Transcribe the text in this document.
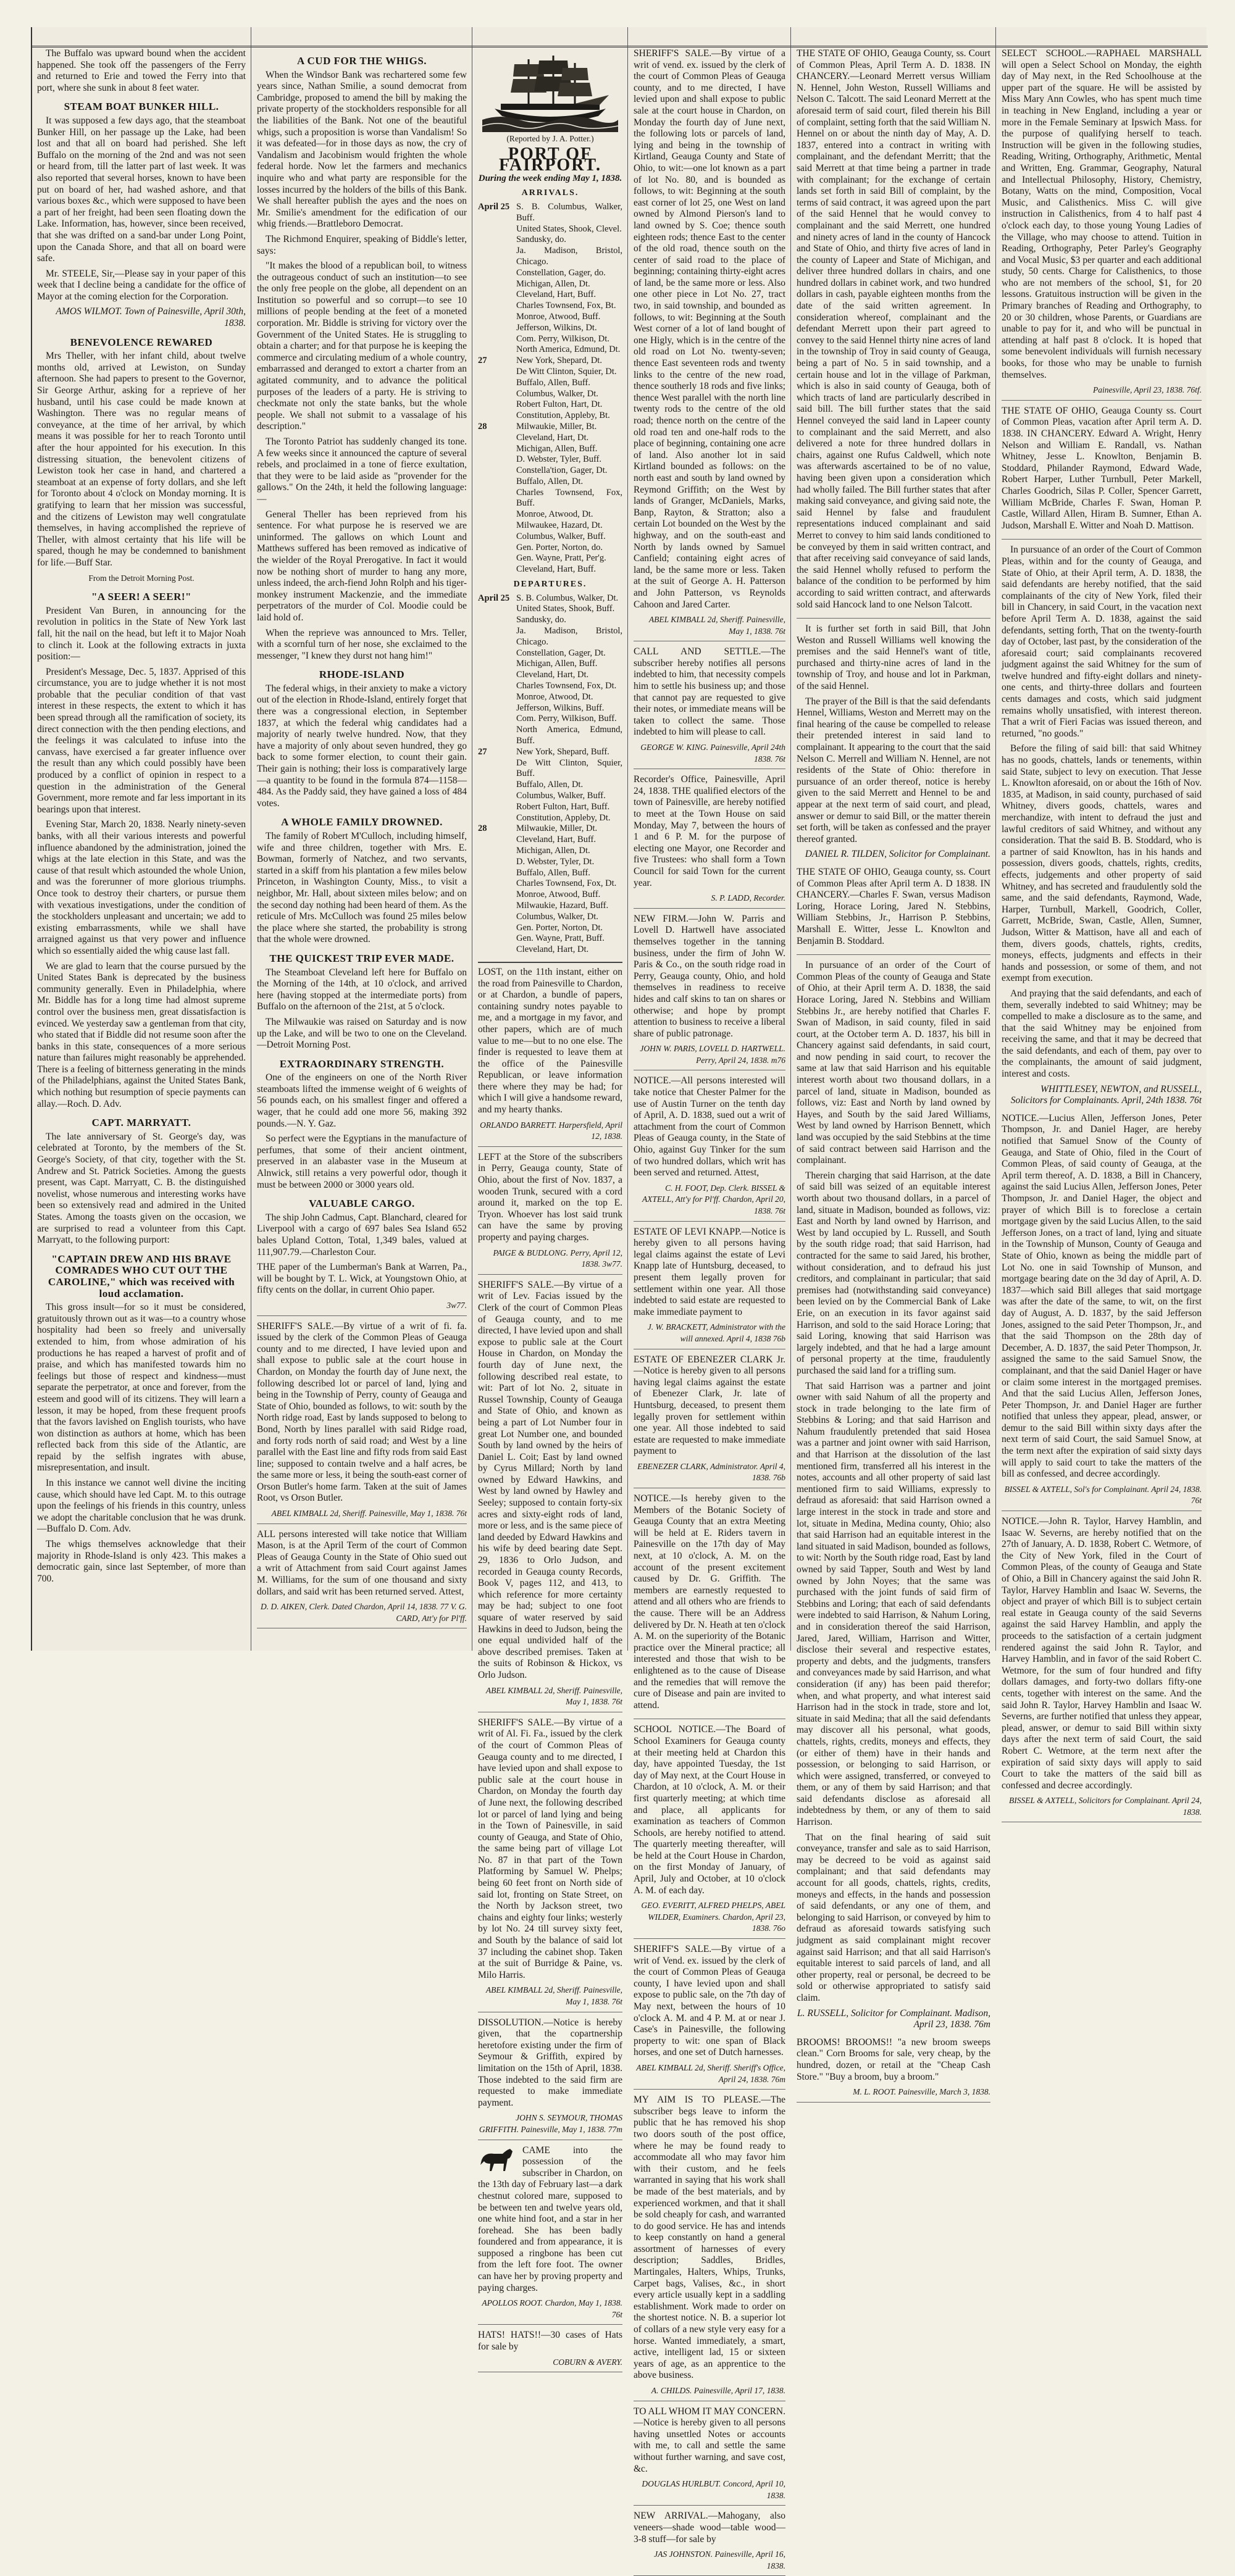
The Buffalo was upward bound when the accident happened. She took off the passengers of the Ferry and returned to Erie and towed the Ferry into that port, where she sunk in about 8 feet water.

STEAM BOAT BUNKER HILL.

It was supposed a few days ago, that the steamboat Bunker Hill, on her passage up the Lake, had been lost and that all on board had perished. She left Buffalo on the morning of the 2nd and was not seen or heard from, till the latter part of last week. It was also reported that several horses, known to have been put on board of her, had washed ashore, and that various boxes &c., which were supposed to have been a part of her freight, had been seen floating down the Lake. Information, has, however, since been received, that she was drifted on a sand-bar under Long Point, upon the Canada Shore, and that all on board were safe.

Mr. STEELE, Sir,—Please say in your paper of this week that I decline being a candidate for the office of Mayor at the coming election for the Corporation.

AMOS WILMOT. Town of Painesville, April 30th, 1838.

BENEVOLENCE REWARED

Mrs Theller, with her infant child, about twelve months old, arrived at Lewiston, on Sunday afternoon. She had papers to present to the Governor, Sir George Arthur, asking for a reprieve of her husband, until his case could be made known at Washington. There was no regular means of conveyance, at the time of her arrival, by which means it was possible for her to reach Toronto until after the hour appointed for his execution. In this distressing situation, the benevolent citizens of Lewiston took her case in hand, and chartered a steamboat at an expense of forty dollars, and she left for Toronto about 4 o'clock on Monday morning. It is gratifying to learn that her mission was successful, and the citizens of Lewiston may well congratulate themselves, in having accomplished the reprieve of Theller, with almost certainty that his life will be spared, though he may be condemned to banishment for life.—Buff Star.

From the Detroit Morning Post.
"A SEER! A SEER!"

President Van Buren, in announcing for the revolution in politics in the State of New York last fall, hit the nail on the head, but left it to Major Noah to clinch it. Look at the following extracts in juxta position:—

President's Message, Dec. 5, 1837. Apprised of this circumstance, you are to judge whether it is not most probable that the peculiar condition of that vast interest in these respects, the extent to which it has been spread through all the ramification of society, its direct connection with the then pending elections, and the feelings it was calculated to infuse into the canvass, have exercised a far greater influence over the result than any which could possibly have been produced by a conflict of opinion in respect to a question in the administration of the General Government, more remote and far less important in its bearings upon that interest.

Evening Star, March 20, 1838. Nearly ninety-seven banks, with all their various interests and powerful influence abandoned by the administration, joined the whigs at the late election in this State, and was the cause of that result which astounded the whole Union, and was the forerunner of more glorious triumphs. Once took to destroy their charters, or pursue them with vexatious investigations, under the condition of the stockholders unpleasant and uncertain; we add to existing embarrassments, while we shall have arraigned against us that very power and influence which so essentially aided the whig cause last fall.

We are glad to learn that the course pursued by the United States Bank is deprecated by the business community generally. Even in Philadelphia, where Mr. Biddle has for a long time had almost supreme control over the business men, great dissatisfaction is evinced. We yesterday saw a gentleman from that city, who stated that if Biddle did not resume soon after the banks in this state, consequences of a more serious nature than failures might reasonably be apprehended. There is a feeling of bitterness generating in the minds of the Philadelphians, against the United States Bank, which nothing but resumption of specie payments can allay.—Roch. D. Adv.

CAPT. MARRYATT.

The late anniversary of St. George's day, was celebrated at Toronto, by the members of the St. George's Society, of that city, together with the St. Andrew and St. Patrick Societies. Among the guests present, was Capt. Marryatt, C. B. the distinguished novelist, whose numerous and interesting works have been so extensively read and admired in the United States. Among the toasts given on the occasion, we are surprised to read a volunteer from this Capt. Marryatt, to the following purport:

"CAPTAIN DREW AND HIS BRAVE COMRADES WHO CUT OUT THE CAROLINE," which was received with loud acclamation.

This gross insult—for so it must be considered, gratuitously thrown out as it was—to a country whose hospitality had been so freely and universally extended to him, from whose admiration of his productions he has reaped a harvest of profit and of praise, and which has manifested towards him no feelings but those of respect and kindness—must separate the perpetrator, at once and forever, from the esteem and good will of its citizens. They will learn a lesson, it may be hoped, from these frequent proofs that the favors lavished on English tourists, who have won distinction as authors at home, which has been reflected back from this side of the Atlantic, are repaid by the selfish ingrates with abuse, misrepresentation, and insult.

In this instance we cannot well divine the inciting cause, which should have led Capt. M. to this outrage upon the feelings of his friends in this country, unless we adopt the charitable conclusion that he was drunk.—Buffalo D. Com. Adv.

The whigs themselves acknowledge that their majority in Rhode-Island is only 423. This makes a democratic gain, since last September, of more than 700.

A CUD FOR THE WHIGS.

When the Windsor Bank was rechartered some few years since, Nathan Smilie, a sound democrat from Cambridge, proposed to amend the bill by making the private property of the stockholders responsible for all the liabilities of the Bank. Not one of the beautiful whigs, such a proposition is worse than Vandalism! So it was defeated—for in those days as now, the cry of Vandalism and Jacobinism would frighten the whole federal horde. Now let the farmers and mechanics inquire who and what party are responsible for the losses incurred by the holders of the bills of this Bank. We shall hereafter publish the ayes and the noes on Mr. Smilie's amendment for the edification of our whig friends.—Brattleboro Democrat.

The Richmond Enquirer, speaking of Biddle's letter, says:

"It makes the blood of a republican boil, to witness the outrageous conduct of such an institution—to see the only free people on the globe, all dependent on an Institution so powerful and so corrupt—to see 10 millions of people bending at the feet of a moneted corporation. Mr. Biddle is striving for victory over the Government of the United States. He is struggling to obtain a charter; and for that purpose he is keeping the commerce and circulating medium of a whole country, embarrassed and deranged to extort a charter from an agitated community, and to advance the political purposes of the leaders of a party. He is striving to checkmate not only the state banks, but the whole people. We shall not submit to a vassalage of his description."

The Toronto Patriot has suddenly changed its tone. A few weeks since it announced the capture of several rebels, and proclaimed in a tone of fierce exultation, that they were to be laid aside as "provender for the gallows." On the 24th, it held the following language:—

General Theller has been reprieved from his sentence. For what purpose he is reserved we are uninformed. The gallows on which Lount and Matthews suffered has been removed as indicative of the wielder of the Royal Prerogative. In fact it would now be nothing short of murder to hang any more, unless indeed, the arch-fiend John Rolph and his tiger-monkey instrument Mackenzie, and the immediate perpetrators of the murder of Col. Moodie could be laid hold of.

When the reprieve was announced to Mrs. Teller, with a scornful turn of her nose, she exclaimed to the messenger, "I knew they durst not hang him!"

RHODE-ISLAND

The federal whigs, in their anxiety to make a victory out of the election in Rhode-Island, entirely forget that there was a congressional election, in September 1837, at which the federal whig candidates had a majority of nearly twelve hundred. Now, that they have a majority of only about seven hundred, they go back to some former election, to count their gain. Their gain is nothing; their loss is comparatively large—a quantity to be found in the formula 874—1158—484. As the Paddy said, they have gained a loss of 484 votes.

A WHOLE FAMILY DROWNED.

The family of Robert M'Culloch, including himself, wife and three children, together with Mrs. E. Bowman, formerly of Natchez, and two servants, started in a skiff from his plantation a few miles below Princeton, in Washington County, Miss., to visit a neighbor, Mr. Hall, about sixteen miles below; and on the second day nothing had been heard of them. As the reticule of Mrs. McCulloch was found 25 miles below the place where she started, the probability is strong that the whole were drowned.

THE QUICKEST TRIP EVER MADE.

The Steamboat Cleveland left here for Buffalo on the Morning of the 14th, at 10 o'clock, and arrived here (having stopped at the intermediate ports) from Buffalo on the afternoon of the 21st, at 5 o'clock.

The Milwaukie was raised on Saturday and is now up the Lake, and will be two to one on the Cleveland.—Detroit Morning Post.

EXTRAORDINARY STRENGTH.

One of the engineers on one of the North River steamboats lifted the immense weight of 6 weights of 56 pounds each, on his smallest finger and offered a wager, that he could add one more 56, making 392 pounds.—N. Y. Gaz.

So perfect were the Egyptians in the manufacture of perfumes, that some of their ancient ointment, preserved in an alabaster vase in the Museum at Alnwick, still retains a very powerful odor, though it must be between 2000 or 3000 years old.

VALUABLE CARGO.

The ship John Cadmus, Capt. Blanchard, cleared for Liverpool with a cargo of 697 bales Sea Island 652 bales Upland Cotton, Total, 1,349 bales, valued at 111,907.79.—Charleston Cour.

THE paper of the Lumberman's Bank at Warren, Pa., will be bought by T. L. Wick, at Youngstown Ohio, at fifty cents on the dollar, in current Ohio paper.

3w77.

SHERIFF'S SALE.—By virtue of a writ of fi. fa. issued by the clerk of the Common Pleas of Geauga county and to me directed, I have levied upon and shall expose to public sale at the court house in Chardon, on Monday the fourth day of June next, the following described lot or parcel of land, lying and being in the Township of Perry, county of Geauga and State of Ohio, bounded as follows, to wit: south by the North ridge road, East by lands supposed to belong to Bond, North by lines parallel with said Ridge road, and forty rods north of said road; and West by a line parallel with the East line and fifty rods from said East line; supposed to contain twelve and a half acres, be the same more or less, it being the south-east corner of Orson Butler's home farm. Taken at the suit of James Root, vs Orson Butler.

ABEL KIMBALL 2d, Sheriff. Painesville, May 1, 1838. 76t

ALL persons interested will take notice that William Mason, is at the April Term of the court of Common Pleas of Geauga County in the State of Ohio sued out a writ of Attachment from said Court against James M. Williams, for the sum of one thousand and sixty dollars, and said writ has been returned served. Attest,

D. D. AIKEN, Clerk. Dated Chardon, April 14, 1838. 77 V. G. CARD, Att'y for Pl'ff.
(Reported by J. A. Potter.)
PORT OF FAIRPORT.
During the week ending May 1, 1838.
ARRIVALS.
April 25 S. B. Columbus, Walker, Buff.
United States, Shook, Clevel.
Sandusky, do.
Ja. Madison, Bristol, Chicago.
Constellation, Gager, do.
Michigan, Allen, Dt.
Cleveland, Hart, Buff.
Charles Townsend, Fox, Bt.
Monroe, Atwood, Buff.
Jefferson, Wilkins, Dt.
Com. Perry, Wilkison, Dt.
North America, Edmund, Dt.
27	New York, Shepard, Dt.
De Witt Clinton, Squier, Dt.
Buffalo, Allen, Buff.
Columbus, Walker, Dt.
Robert Fulton, Hart, Dt.
Constitution, Appleby, Bt.
28	Milwaukie, Miller, Bt.
Cleveland, Hart, Dt.
Michigan, Allen, Buff.
D. Webster, Tyler, Buff.
Constella'tion, Gager, Dt.
Buffalo, Allen, Dt.
Charles Townsend, Fox, Buff.
Monroe, Atwood, Dt.
Milwaukee, Hazard, Dt.
Columbus, Walker, Buff.
Gen. Porter, Norton, do.
Gen. Wayne, Pratt, Per'g.
Cleveland, Hart, Buff.
DEPARTURES.
April 25 S. B. Columbus, Walker, Dt.
United States, Shook, Buff.
Sandusky, do.
Ja. Madison, Bristol, Chicago.
Constellation, Gager, Dt.
Michigan, Allen, Buff.
Cleveland, Hart, Dt.
Charles Townsend, Fox, Dt.
Monroe, Atwood, Dt.
Jefferson, Wilkins, Buff.
Com. Perry, Wilkison, Buff.
North America, Edmund, Buff.
27	New York, Shepard, Buff.
De Witt Clinton, Squier, Buff.
Buffalo, Allen, Dt.
Columbus, Walker, Buff.
Robert Fulton, Hart, Buff.
Constitution, Appleby, Dt.
28	Milwaukie, Miller, Dt.
Cleveland, Hart, Buff.
Michigan, Allen, Dt.
D. Webster, Tyler, Dt.
Buffalo, Allen, Buff.
Charles Townsend, Fox, Dt.
Monroe, Atwood, Buff.
Milwaukie, Hazard, Buff.
Columbus, Walker, Dt.
Gen. Porter, Norton, Dt.
Gen. Wayne, Pratt, Buff.
Cleveland, Hart, Dt.

LOST, on the 11th instant, either on the road from Painesville to Chardon, or at Chardon, a bundle of papers, containing sundry notes payable to me, and a mortgage in my favor, and other papers, which are of much value to me—but to no one else. The finder is requested to leave them at the office of the Painesville Republican, or leave information there where they may be had; for which I will give a handsome reward, and my hearty thanks.

ORLANDO BARRETT. Harpersfield, April 12, 1838.

LEFT at the Store of the subscribers in Perry, Geauga county, State of Ohio, about the first of Nov. 1837, a wooden Trunk, secured with a cord around it, marked on the top E. Tryon. Whoever has lost said trunk can have the same by proving property and paying charges.

PAIGE & BUDLONG. Perry, April 12, 1838. 3w77.

SHERIFF'S SALE.—By virtue of a writ of Lev. Facias issued by the Clerk of the court of Common Pleas of Geauga county, and to me directed, I have levied upon and shall expose to public sale at the Court House in Chardon, on Monday the fourth day of June next, the following described real estate, to wit: Part of lot No. 2, situate in Russel Township, County of Geauga and State of Ohio, and known as being a part of Lot Number four in great Lot Number one, and bounded South by land owned by the heirs of Daniel L. Coit; East by land owned by Cyrus Millard; North by land owned by Edward Hawkins, and West by land owned by Hawley and Seeley; supposed to contain forty-six acres and sixty-eight rods of land, more or less, and is the same piece of land deeded by Edward Hawkins and his wife by deed bearing date Sept. 29, 1836 to Orlo Judson, and recorded in Geauga county Records, Book V, pages 112, and 413, to which reference for more certainty may be had; subject to one foot square of water reserved by said Hawkins in deed to Judson, being the one equal undivided half of the above described premises. Taken at the suits of Robinson & Hickox, vs Orlo Judson.

ABEL KIMBALL 2d, Sheriff. Painesville, May 1, 1838. 76t

SHERIFF'S SALE.—By virtue of a writ of Al. Fi. Fa., issued by the clerk of the court of Common Pleas of Geauga county and to me directed, I have levied upon and shall expose to public sale at the court house in Chardon, on Monday the fourth day of June next, the following described lot or parcel of land lying and being in the Town of Painesville, in said county of Geauga, and State of Ohio, the same being part of village Lot No. 87 in that part of the Town Platforming by Samuel W. Phelps; being 60 feet front on North side of said lot, fronting on State Street, on the North by Jackson street, two chains and eighty four links; westerly by lot No. 24 till survey sixty feet, and South by the balance of said lot 37 including the cabinet shop. Taken at the suit of Burridge & Paine, vs. Milo Harris.

ABEL KIMBALL 2d, Sheriff. Painesville, May 1, 1838. 76t

DISSOLUTION.—Notice is hereby given, that the copartnership heretofore existing under the firm of Seymour & Griffith, expired by limitation on the 15th of April, 1838. Those indebted to the said firm are requested to make immediate payment.

JOHN S. SEYMOUR, THOMAS GRIFFITH. Painesville, May 1, 1838. 77m

CAME into the possession of the subscriber in Chardon, on the 13th day of February last—a dark chestnut colored mare, supposed to be between ten and twelve years old, one white hind foot, and a star in her forehead. She has been badly foundered and from appearance, it is supposed a ringbone has been cut from the left fore foot. The owner can have her by proving property and paying charges.

APOLLOS ROOT. Chardon, May 1, 1838. 76t

HATS! HATS!!—30 cases of Hats for sale by

COBURN & AVERY.

SHERIFF'S SALE.—By virtue of a writ of vend. ex. issued by the clerk of the court of Common Pleas of Geauga county, and to me directed, I have levied upon and shall expose to public sale at the court house in Chardon, on Monday the fourth day of June next, the following lots or parcels of land, lying and being in the township of Kirtland, Geauga County and State of Ohio, to wit:—one lot known as a part of lot No. 80, and is bounded as follows, to wit: Beginning at the south east corner of lot 25, one West on land owned by Almond Pierson's land to land owned by S. Coe; thence south eighteen rods; thence East to the center of the old road, thence south on the center of said road to the place of beginning; containing thirty-eight acres of land, be the same more or less. Also one other piece in Lot No. 27, tract two, in said township, and bounded as follows, to wit: Beginning at the South West corner of a lot of land bought of one Higly, which is in the centre of the old road on Lot No. twenty-seven; thence East seventeen rods and twenty links to the centre of the new road, thence southerly 18 rods and five links; thence West parallel with the north line twenty rods to the centre of the old road; thence north on the centre of the old road ten and one-half rods to the place of beginning, containing one acre of land. Also another lot in said Kirtland bounded as follows: on the north east and south by land owned by Reymond Griffith; on the West by lands of Granger, McDaniels, Marks, Banp, Rayton, & Stratton; also a certain Lot bounded on the West by the highway, and on the south-east and North by lands owned by Samuel Canfield; containing eight acres of land, be the same more or less. Taken at the suit of George A. H. Patterson and John Patterson, vs Reynolds Cahoon and Jared Carter.

ABEL KIMBALL 2d, Sheriff. Painesville, May 1, 1838. 76t

CALL AND SETTLE.—The subscriber hereby notifies all persons indebted to him, that necessity compels him to settle his business up; and those that cannot pay are requested to give their notes, or immediate means will be taken to collect the same. Those indebted to him will please to call.

GEORGE W. KING. Painesville, April 24th 1838. 76t

Recorder's Office, Painesville, April 24, 1838. THE qualified electors of the town of Painesville, are hereby notified to meet at the Town House on said Monday, May 7, between the hours of 1 and 6 P. M. for the purpose of electing one Mayor, one Recorder and five Trustees: who shall form a Town Council for said Town for the current year.

S. P. LADD, Recorder.

NEW FIRM.—John W. Parris and Lovell D. Hartwell have associated themselves together in the tanning business, under the firm of John W. Paris & Co., on the south ridge road in Perry, Geauga county, Ohio, and hold themselves in readiness to receive hides and calf skins to tan on shares or otherwise; and hope by prompt attention to business to receive a liberal share of public patronage.

JOHN W. PARIS, LOVELL D. HARTWELL. Perry, April 24, 1838. m76

NOTICE.—All persons interested will take notice that Chester Palmer for the use of Austin Turner on the tenth day of April, A. D. 1838, sued out a writ of attachment from the court of Common Pleas of Geauga county, in the State of Ohio, against Guy Tinker for the sum of two hundred dollars, which writ has been served and returned. Attest,

C. H. FOOT, Dep. Clerk. BISSEL & AXTELL, Att'y for Pl'ff. Chardon, April 20, 1838. 76t

ESTATE OF LEVI KNAPP.—Notice is hereby given to all persons having legal claims against the estate of Levi Knapp late of Huntsburg, deceased, to present them legally proven for settlement within one year. All those indebted to said estate are requested to make immediate payment to

J. W. BRACKETT, Administrator with the will annexed. April 4, 1838 76b

ESTATE OF EBENEZER CLARK Jr.—Notice is hereby given to all persons having legal claims against the estate of Ebenezer Clark, Jr. late of Huntsburg, deceased, to present them legally proven for settlement within one year. All those indebted to said estate are requested to make immediate payment to

EBENEZER CLARK, Administrator. April 4, 1838. 76b

NOTICE.—Is hereby given to the Members of the Botanic Society of Geauga County that an extra Meeting will be held at E. Riders tavern in Painesville on the 17th day of May next, at 10 o'clock, A. M. on the account of the present excitement caused by Dr. G. Griffith. The members are earnestly requested to attend and all others who are friends to the cause. There will be an Address delivered by Dr. N. Heath at ten o'clock A. M. on the superiority of the Botanic practice over the Mineral practice; all interested and those that wish to be enlightened as to the cause of Disease and the remedies that will remove the cure of Disease and pain are invited to attend.

SCHOOL NOTICE.—The Board of School Examiners for Geauga county at their meeting held at Chardon this day, have appointed Tuesday, the 1st day of May next, at the Court House in Chardon, at 10 o'clock, A. M. or their first quarterly meeting; at which time and place, all applicants for examination as teachers of Common Schools, are hereby notified to attend. The quarterly meeting thereafter, will be held at the Court House in Chardon, on the first Monday of January, of April, July and October, at 10 o'clock A. M. of each day.

GEO. EVERITT, ALFRED PHELPS, ABEL WILDER, Examiners. Chardon, April 23, 1838. 76o

SHERIFF'S SALE.—By virtue of a writ of Vend. ex. issued by the clerk of the court of Common Pleas of Geauga county, I have levied upon and shall expose to public sale, on the 7th day of May next, between the hours of 10 o'clock A. M. and 4 P. M. at or near J. Case's in Painesville, the following property to wit: one span of Black horses, and one set of Dutch harnesses.

ABEL KIMBALL 2d, Sheriff. Sheriff's Office, April 24, 1838. 76m

MY AIM IS TO PLEASE.—The subscriber begs leave to inform the public that he has removed his shop two doors south of the post office, where he may be found ready to accommodate all who may favor him with their custom, and he feels warranted in saying that his work shall be made of the best materials, and by experienced workmen, and that it shall be sold cheaply for cash, and warranted to do good service. He has and intends to keep constantly on hand a general assortment of harnesses of every description; Saddles, Bridles, Martingales, Halters, Whips, Trunks, Carpet bags, Valises, &c., in short every article usually kept in a saddling establishment. Work made to order on the shortest notice. N. B. a superior lot of collars of a new style very easy for a horse. Wanted immediately, a smart, active, intelligent lad, 15 or sixteen years of age, as an apprentice to the above business.

A. CHILDS. Painesville, April 17, 1838.

TO ALL WHOM IT MAY CONCERN.—Notice is hereby given to all persons having unsettled Notes or accounts with me, to call and settle the same without further warning, and save cost, &c.

DOUGLAS HURLBUT. Concord, April 10, 1838.

NEW ARRIVAL.—Mahogany, also veneers—shade wood—table wood—3-8 stuff—for sale by

JAS JOHNSTON. Painesville, April 16, 1838.

THE STATE OF OHIO, Geauga County, ss. Court of Common Pleas, April Term A. D. 1838. IN CHANCERY.—Leonard Merrett versus William N. Hennel, John Weston, Russell Williams and Nelson C. Talcott. The said Leonard Merrett at the aforesaid term of said court, filed therein his Bill of complaint, setting forth that the said William N. Hennel on or about the ninth day of May, A. D. 1837, entered into a contract in writing with complainant, and the defendant Merritt; that the said Merrett at that time being a partner in trade with complainant; for the exchange of certain lands set forth in said Bill of complaint, by the terms of said contract, it was agreed upon the part of the said Hennel that he would convey to complainant and the said Merrett, one hundred and ninety acres of land in the county of Hancock and State of Ohio, and thirty five acres of land in the county of Lapeer and State of Michigan, and deliver three hundred dollars in chairs, and one hundred dollars in cabinet work, and two hundred dollars in cash, payable eighteen months from the date of the said written agreement. In consideration whereof, complainant and the defendant Merrett upon their part agreed to convey to the said Hennel thirty nine acres of land in the township of Troy in said county of Geauga, being a part of No. 5 in said township, and a certain house and lot in the village of Parkman, which is also in said county of Geauga, both of which tracts of land are particularly described in said bill. The bill further states that the said Hennel conveyed the said land in Lapeer county to complainant and the said Merrett, and also delivered a note for three hundred dollars in chairs, against one Rufus Caldwell, which note was afterwards ascertained to be of no value, having been given upon a consideration which had wholly failed. The Bill further states that after making said conveyance, and giving said note, the said Hennel by false and fraudulent representations induced complainant and said Merret to convey to him said lands conditioned to be conveyed by them in said written contract, and that after receiving said conveyance of said lands, the said Hennel wholly refused to perform the balance of the condition to be performed by him according to said written contract, and afterwards sold said Hancock land to one Nelson Talcott.

It is further set forth in said Bill, that John Weston and Russell Williams well knowing the premises and the said Hennel's want of title, purchased and thirty-nine acres of land in the township of Troy, and house and lot in Parkman, of the said Hennel.

The prayer of the Bill is that the said defendants Hennel, Williams, Weston and Merrett may on the final hearing of the cause be compelled to release their pretended interest in said land to complainant. It appearing to the court that the said Nelson C. Merrell and William N. Hennel, are not residents of the State of Ohio: therefore in pursuance of an order thereof, notice is hereby given to the said Merrett and Hennel to be and appear at the next term of said court, and plead, answer or demur to said Bill, or the matter therein set forth, will be taken as confessed and the prayer thereof granted.

DANIEL R. TILDEN, Solicitor for Complainant.

THE STATE OF OHIO, Geauga county, ss. Court of Common Pleas after April term A. D 1838. IN CHANCERY.—Charles F. Swan, versus Madison Loring, Horace Loring, Jared N. Stebbins, William Stebbins, Jr., Harrison P. Stebbins, Marshall E. Witter, Jesse L. Knowlton and Benjamin B. Stoddard.

In pursuance of an order of the Court of Common Pleas of the county of Geauga and State of Ohio, at their April term A. D. 1838, the said Horace Loring, Jared N. Stebbins and William Stebbins Jr., are hereby notified that Charles F. Swan of Madison, in said county, filed in said court, at the October term A. D. 1837, his bill in Chancery against said defendants, in said court, and now pending in said court, to recover the same at law that said Harrison and his equitable interest worth about two thousand dollars, in a parcel of land, situate in Madison, bounded as follows, viz: East and North by land owned by Hayes, and South by the said Jared Williams, West by land owned by Harrison Bennett, which land was occupied by the said Stebbins at the time of said contract between said Harrison and the complainant.

Therein charging that said Harrison, at the date of said bill was seized of an equitable interest worth about two thousand dollars, in a parcel of land, situate in Madison, bounded as follows, viz: East and North by land owned by Harrison, and West by land occupied by L. Russell, and South by the south ridge road; that said Harrison, had contracted for the same to said Jared, his brother, without consideration, and to defraud his just creditors, and complainant in particular; that said premises had (notwithstanding said conveyance) been levied on by the Commercial Bank of Lake Erie, on an execution in its favor against said Harrison, and sold to the said Horace Loring; that said Loring, knowing that said Harrison was largely indebted, and that he had a large amount of personal property at the time, fraudulently purchased the said land for a trifling sum.

That said Harrison was a partner and joint owner with said Nahum of all the property and stock in trade belonging to the late firm of Stebbins & Loring; and that said Harrison and Nahum fraudulently pretended that said Hosea was a partner and joint owner with said Harrison, and that Harrison at the dissolution of the last mentioned firm, transferred all his interest in the notes, accounts and all other property of said last mentioned firm to said Williams, expressly to defraud as aforesaid: that said Harrison owned a large interest in the stock in trade and store and lot, situate in Medina, Medina county, Ohio; also that said Harrison had an equitable interest in the land situated in said Madison, bounded as follows, to wit: North by the South ridge road, East by land owned by said Tapper, South and West by land owned by John Noyes; that the same was purchased with the joint funds of said firm of Stebbins and Loring; that each of said defendants were indebted to said Harrison, & Nahum Loring, and in consideration thereof the said Harrison, Jared, Jared, William, Harrison and Witter, disclose their several and respective estates, property and debts, and the judgments, transfers and conveyances made by said Harrison, and what consideration (if any) has been paid therefor; when, and what property, and what interest said Harrison had in the stock in trade, store and lot, situate in said Medina; that all the said defendants may discover all his personal, what goods, chattels, rights, credits, moneys and effects, they (or either of them) have in their hands and possession, or belonging to said Harrison, or which were assigned, transferred, or conveyed to them, or any of them by said Harrison; and that said defendants disclose as aforesaid all indebtedness by them, or any of them to said Harrison.

That on the final hearing of said suit conveyance, transfer and sale as to said Harrison, may be decreed to be void as against said complainant; and that said defendants may account for all goods, chattels, rights, credits, moneys and effects, in the hands and possession of said defendants, or any one of them, and belonging to said Harrison, or conveyed by him to defraud as aforesaid towards satisfying such judgment as said complainant might recover against said Harrison; and that all said Harrison's equitable interest to said parcels of land, and all other property, real or personal, be decreed to be sold or otherwise appropriated to satisfy said claim.

L. RUSSELL, Solicitor for Complainant. Madison, April 23, 1838. 76m

BROOMS! BROOMS!! "a new broom sweeps clean." Corn Brooms for sale, very cheap, by the hundred, dozen, or retail at the "Cheap Cash Store." "Buy a broom, buy a broom."

M. L. ROOT. Painesville, March 3, 1838.

SELECT SCHOOL.—RAPHAEL MARSHALL will open a Select School on Monday, the eighth day of May next, in the Red Schoolhouse at the upper part of the square. He will be assisted by Miss Mary Ann Cowles, who has spent much time in teaching in New England, including a year or more in the Female Seminary at Ipswich Mass. for the purpose of qualifying herself to teach. Instruction will be given in the following studies, Reading, Writing, Orthography, Arithmetic, Mental and Written, Eng. Grammar, Geography, Natural and Intellectual Philosophy, History, Chemistry, Botany, Watts on the mind, Composition, Vocal Music, and Calisthenics. Miss C. will give instruction in Calisthenics, from 4 to half past 4 o'clock each day, to those young Young Ladies of the Village, who may choose to attend. Tuition in Reading, Orthography, Peter Parley's Geography and Vocal Music, $3 per quarter and each additional study, 50 cents. Charge for Calisthenics, to those who are not members of the school, $1, for 20 lessons. Gratuitous instruction will be given in the Primary branches of Reading and Orthography, to 20 or 30 children, whose Parents, or Guardians are unable to pay for it, and who will be punctual in attending at half past 8 o'clock. It is hoped that some benevolent individuals will furnish necessary books, for those who may be unable to furnish themselves.

Painesville, April 23, 1838. 76tf.

THE STATE OF OHIO, Geauga County ss. Court of Common Pleas, vacation after April term A. D. 1838. IN CHANCERY. Edward A. Wright, Henry Nelson and William E. Randall, vs. Nathan Whitney, Jesse L. Knowlton, Benjamin B. Stoddard, Philander Raymond, Edward Wade, Robert Harper, Luther Turnbull, Peter Markell, Charles Goodrich, Silas P. Coller, Spencer Garrett, William McBride, Charles F. Swan, Homan P. Castle, Willard Allen, Hiram B. Sumner, Ethan A. Judson, Marshall E. Witter and Noah D. Mattison.

In pursuance of an order of the Court of Common Pleas, within and for the county of Geauga, and State of Ohio, at their April term, A. D. 1838, the said defendants are hereby notified, that the said complainants of the city of New York, filed their bill in Chancery, in said Court, in the vacation next before April Term A. D. 1838, against the said defendants, setting forth, That on the twenty-fourth day of October, last past, by the consideration of the aforesaid court; said complainants recovered judgment against the said Whitney for the sum of twelve hundred and fifty-eight dollars and ninety-one cents, and thirty-three dollars and fourteen cents damages and costs, which said judgment remains wholly unsatisfied, with interest thereon. That a writ of Fieri Facias was issued thereon, and returned, "no goods."

Before the filing of said bill: that said Whitney has no goods, chattels, lands or tenements, within said State, subject to levy on execution. That Jesse L. Knowlton aforesaid, on or about the 16th of Nov. 1835, at Madison, in said county, purchased of said Whitney, divers goods, chattels, wares and merchandize, with intent to defraud the just and lawful creditors of said Whitney, and without any consideration. That the said B. B. Stoddard, who is a partner of said Knowlton, has in his hands and possession, divers goods, chattels, rights, credits, effects, judgements and other property of said Whitney, and has secreted and fraudulently sold the same, and the said defendants, Raymond, Wade, Harper, Turnbull, Markell, Goodrich, Coller, Garrett, McBride, Swan, Castle, Allen, Sumner, Judson, Witter & Mattison, have all and each of them, divers goods, chattels, rights, credits, moneys, effects, judgments and effects in their hands and possession, or some of them, and not exempt from execution.

And praying that the said defendants, and each of them, severally indebted to said Whitney; may be compelled to make a disclosure as to the same, and that the said Whitney may be enjoined from receiving the same, and that it may be decreed that the said defendants, and each of them, pay over to the complainants, the amount of said judgment, interest and costs.

WHITTLESEY, NEWTON, and RUSSELL, Solicitors for Complainants. April, 24th 1838. 76t

NOTICE.—Lucius Allen, Jefferson Jones, Peter Thompson, Jr. and Daniel Hager, are hereby notified that Samuel Snow of the County of Geauga, and State of Ohio, filed in the Court of Common Pleas, of said county of Geauga, at the April term thereof, A. D. 1838, a Bill in Chancery, against the said Lucius Allen, Jefferson Jones, Peter Thompson, Jr. and Daniel Hager, the object and prayer of which Bill is to foreclose a certain mortgage given by the said Lucius Allen, to the said Jefferson Jones, on a tract of land, lying and situate in the Township of Munson, County of Geauga and State of Ohio, known as being the middle part of Lot No. one in said Township of Munson, and mortgage bearing date on the 3d day of April, A. D. 1837—which said Bill alleges that said mortgage was after the date of the same, to wit, on the first day of August, A. D. 1837, by the said Jefferson Jones, assigned to the said Peter Thompson, Jr., and that the said Thompson on the 28th day of December, A. D. 1837, the said Peter Thompson, Jr. assigned the same to the said Samuel Snow, the complainant, and that the said Daniel Hager or have or claim some interest in the mortgaged premises. And that the said Lucius Allen, Jefferson Jones, Peter Thompson, Jr. and Daniel Hager are further notified that unless they appear, plead, answer, or demur to the said Bill within sixty days after the next term of said Court, the said Samuel Snow, at the term next after the expiration of said sixty days will apply to said court to take the matters of the bill as confessed, and decree accordingly.

BISSEL & AXTELL, Sol's for Complainant. April 24, 1838. 76t

NOTICE.—John R. Taylor, Harvey Hamblin, and Isaac W. Severns, are hereby notified that on the 27th of January, A. D. 1838, Robert C. Wetmore, of the City of New York, filed in the Court of Common Pleas, of the county of Geauga and State of Ohio, a Bill in Chancery against the said John R. Taylor, Harvey Hamblin and Isaac W. Severns, the object and prayer of which Bill is to subject certain real estate in Geauga county of the said Severns against the said Harvey Hamblin, and apply the proceeds to the satisfaction of a certain judgment rendered against the said John R. Taylor, and Harvey Hamblin, and in favor of the said Robert C. Wetmore, for the sum of four hundred and fifty dollars damages, and forty-two dollars fifty-one cents, together with interest on the same. And the said John R. Taylor, Harvey Hamblin and Isaac W. Severns, are further notified that unless they appear, plead, answer, or demur to said Bill within sixty days after the next term of said Court, the said Robert C. Wetmore, at the term next after the expiration of said sixty days will apply to said Court to take the matters of the said bill as confessed and decree accordingly.

BISSEL & AXTELL, Solicitors for Complainant. April 24, 1838.
